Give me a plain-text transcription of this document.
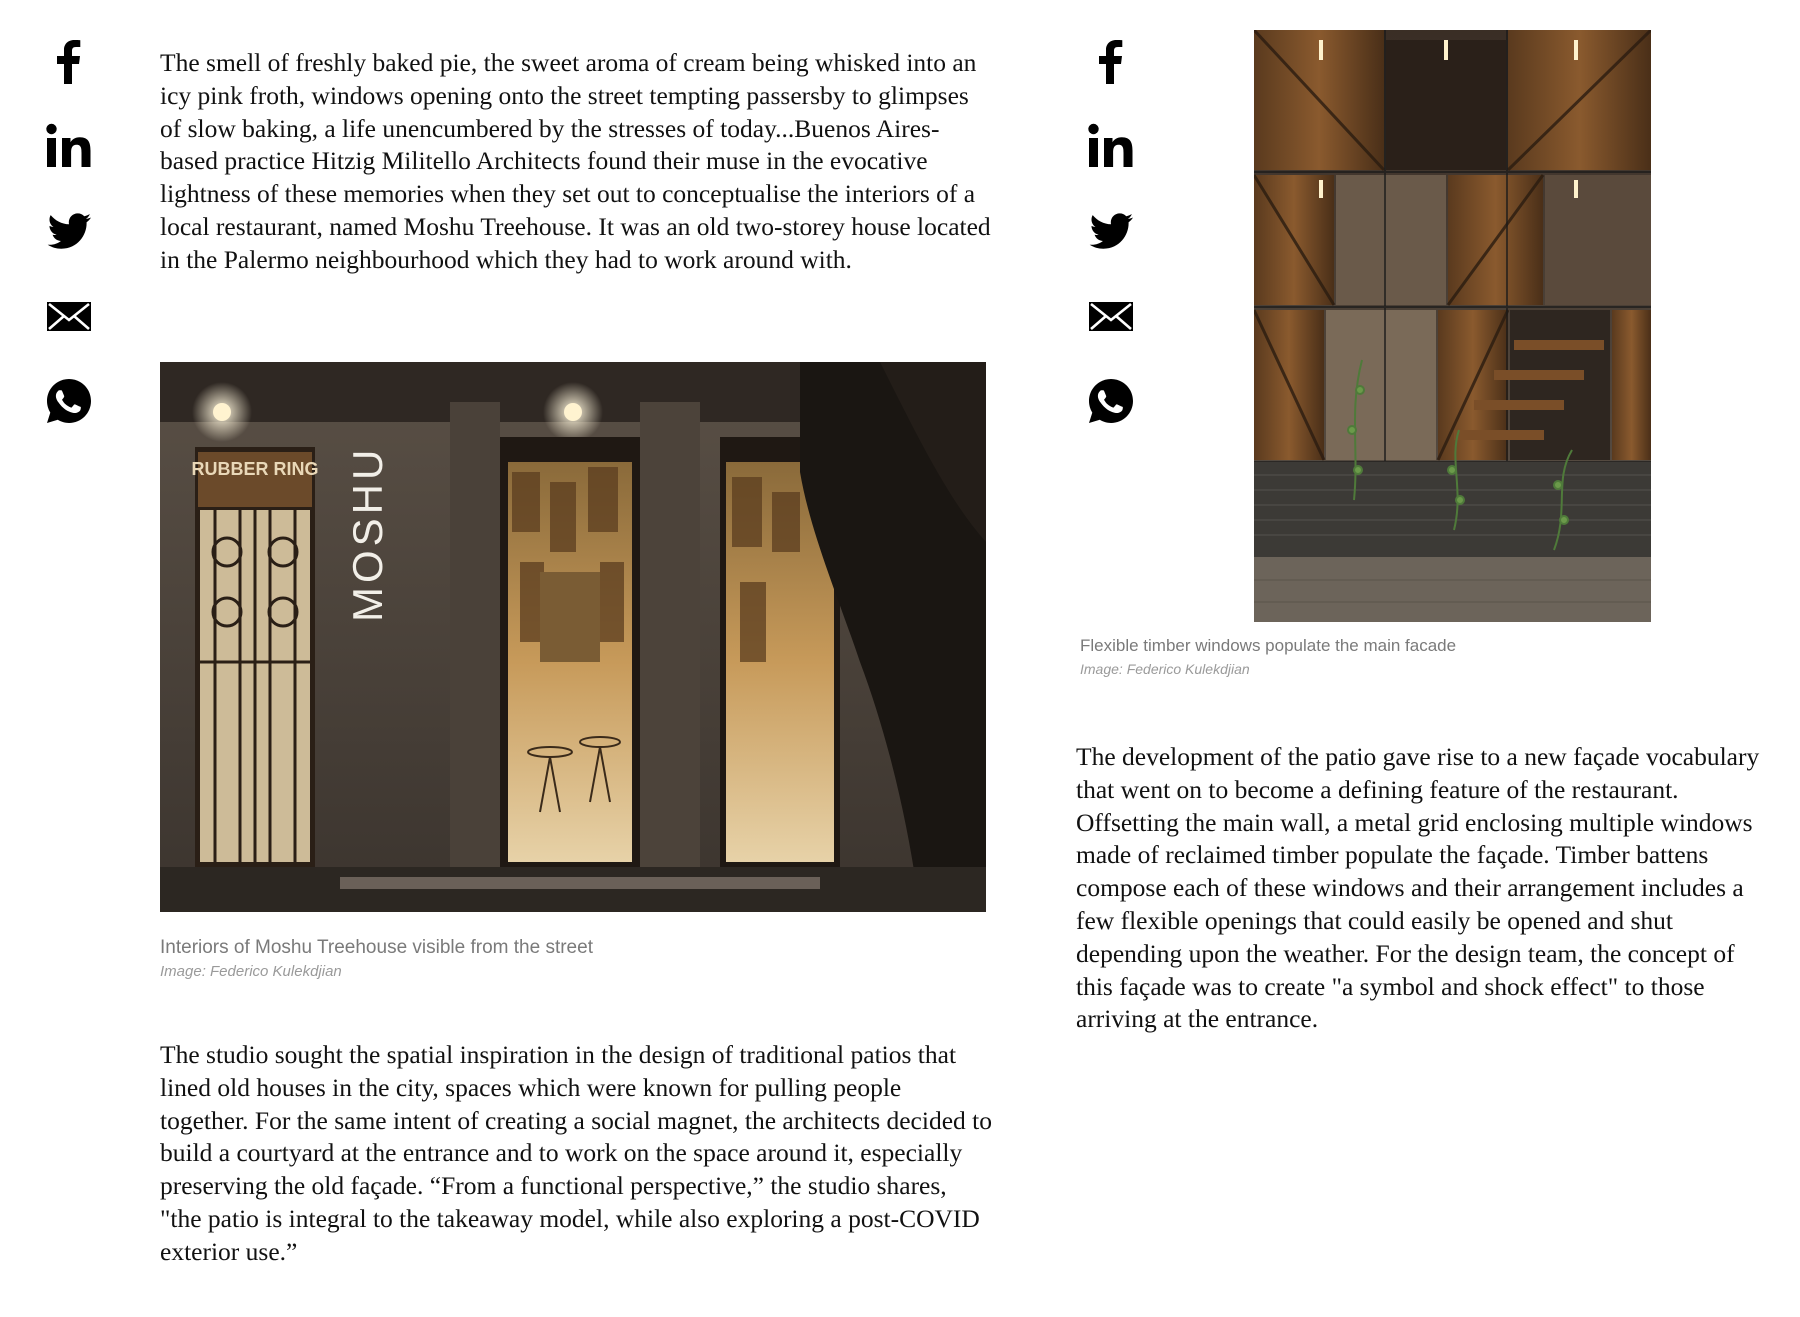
The smell of freshly baked pie, the sweet aroma of cream being whisked into an icy pink froth, windows opening onto the street tempting passersby to glimpses of slow baking, a life unencumbered by the stresses of today...Buenos Aires-based practice Hitzig Militello Architects found their muse in the evocative lightness of these memories when they set out to conceptualise the interiors of a local restaurant, named Moshu Treehouse. It was an old two-storey house located in the Palermo neighbourhood which they had to work around with.

RUBBER RING MOSHU

Interiors of Moshu Treehouse visible from the street
Image: Federico Kulekdjian

The studio sought the spatial inspiration in the design of traditional patios that lined old houses in the city, spaces which were known for pulling people together. For the same intent of creating a social magnet, the architects decided to build a courtyard at the entrance and to work on the space around it, especially preserving the old façade. “From a functional perspective,” the studio shares, "the patio is integral to the takeaway model, while also exploring a post-COVID exterior use.”

Flexible timber windows populate the main facade
Image: Federico Kulekdjian

The development of the patio gave rise to a new façade vocabulary that went on to become a defining feature of the restaurant. Offsetting the main wall, a metal grid enclosing multiple windows made of reclaimed timber populate the façade. Timber battens compose each of these windows and their arrangement includes a few flexible openings that could easily be opened and shut depending upon the weather. For the design team, the concept of this façade was to create "a symbol and shock effect" to those arriving at the entrance.
